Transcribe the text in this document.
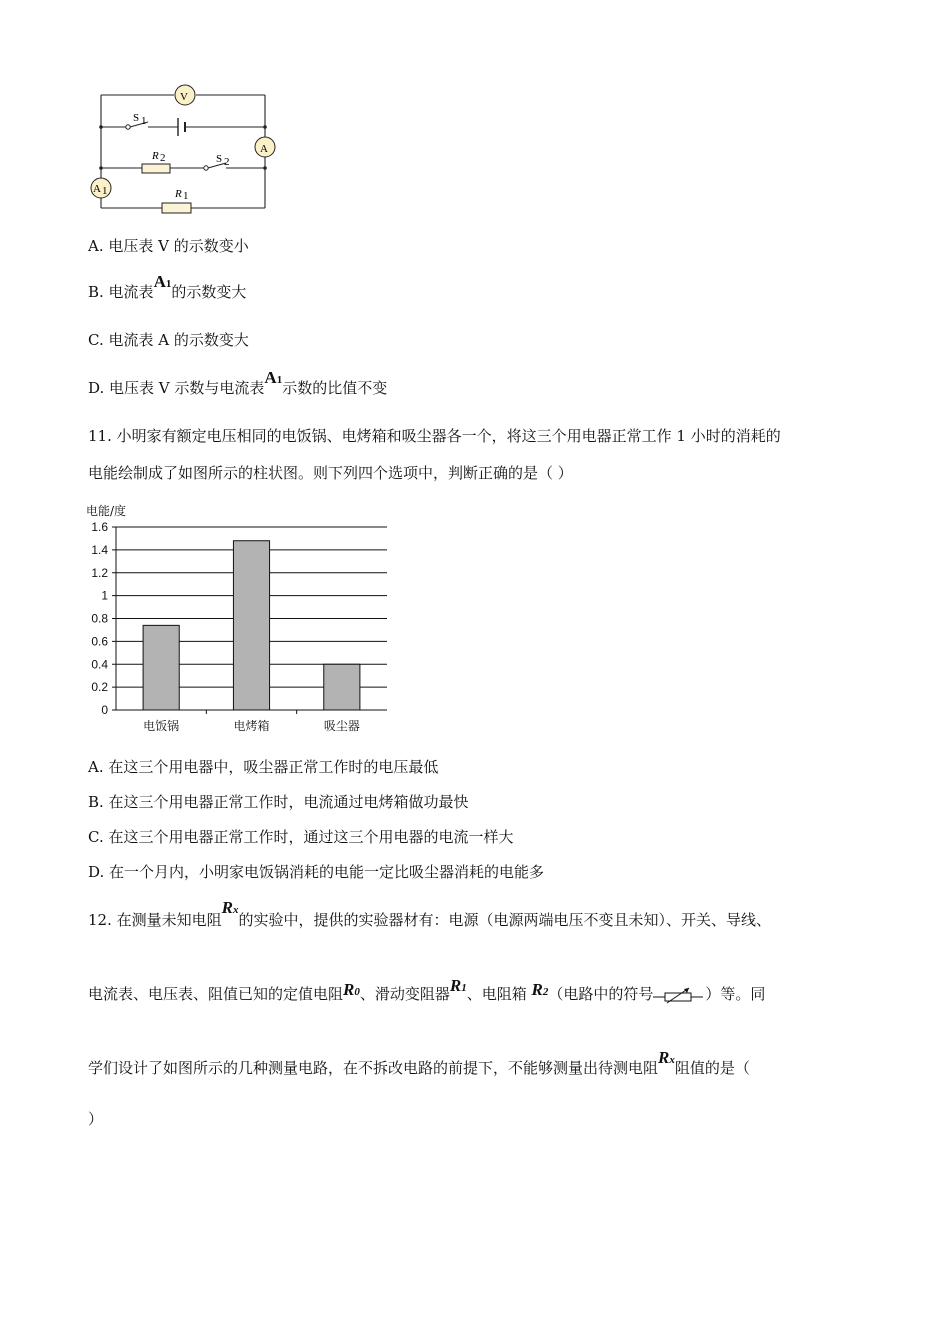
V
A
A 1
S 1
S 2
R 2
R 1
A. 电压表 V 的示数变小
B. 电流表A1的示数变大
C. 电流表 A 的示数变大
D. 电压表 V 示数与电流表A1示数的比值不变
11. 小明家有额定电压相同的电饭锅、电烤箱和吸尘器各一个，将这三个用电器正常工作 1 小时的消耗的
电能绘制成了如图所示的柱状图。则下列四个选项中，判断正确的是（ ）
电能/度
0
0.2
0.4
0.6
0.8
1
1.2
1.4
1.6
电饭锅	电烤箱	吸尘器
A. 在这三个用电器中，吸尘器正常工作时的电压最低
B. 在这三个用电器正常工作时，电流通过电烤箱做功最快
C. 在这三个用电器正常工作时，通过这三个用电器的电流一样大
D. 在一个月内，小明家电饭锅消耗的电能一定比吸尘器消耗的电能多
12. 在测量未知电阻Rx的实验中，提供的实验器材有：电源（电源两端电压不变且未知）、开关、导线、
电流表、电压表、阻值已知的定值电阻R0、滑动变阻器R1、电阻箱 R2（电路中的符号	）等。同
学们设计了如图所示的几种测量电路，在不拆改电路的前提下，不能够测量出待测电阻Rx阻值的是（
）
